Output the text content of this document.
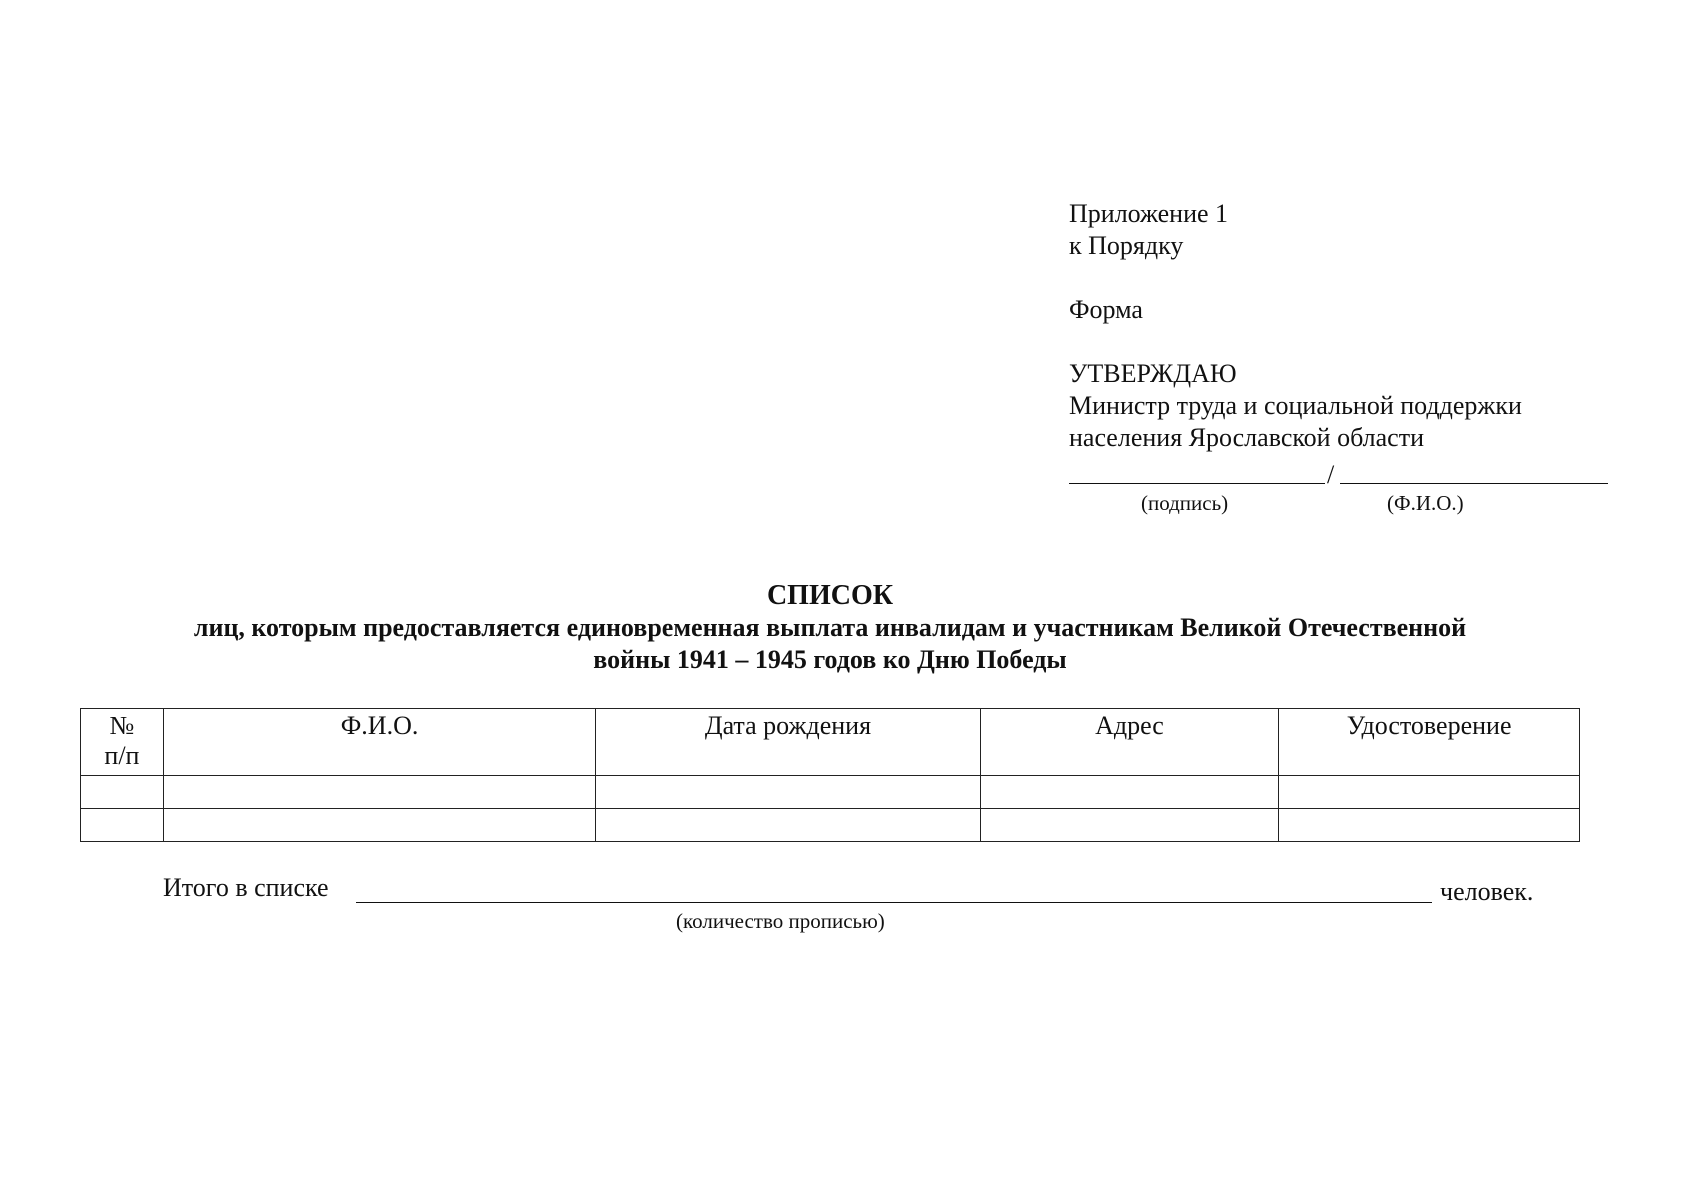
Приложение 1
к Порядку
Форма
УТВЕРЖДАЮ
Министр труда и социальной поддержки
населения Ярославской области
/
(подпись)	(Ф.И.О.)
СПИСОК
лиц, которым предоставляется единовременная выплата инвалидам и участникам Великой Отечественной
войны 1941 – 1945 годов ко Дню Победы
№
п/п	Ф.И.О.	Дата рождения	Адрес	Удостоверение

Итого в списке	человек.
(количество прописью)
